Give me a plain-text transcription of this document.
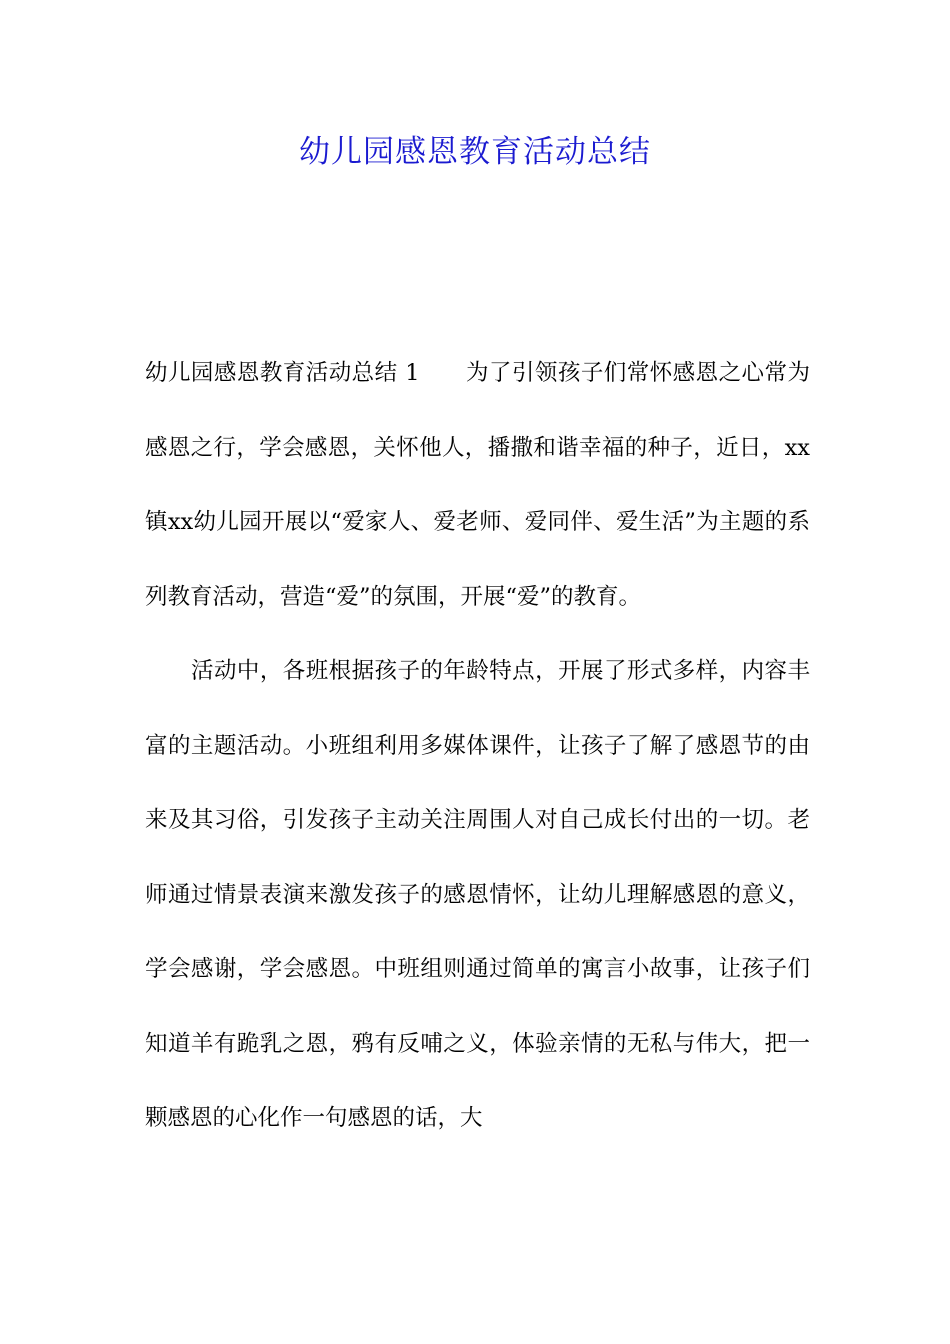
幼儿园感恩教育活动总结

幼儿园感恩教育活动总结 1 为了引领孩子们常怀感恩之心常为感恩之行，学会感恩，关怀他人，播撒和谐幸福的种子，近日，xx镇xx幼儿园开展以“爱家人、爱老师、爱同伴、爱生活”为主题的系列教育活动，营造“爱”的氛围，开展“爱”的教育。

活动中，各班根据孩子的年龄特点，开展了形式多样，内容丰富的主题活动。小班组利用多媒体课件，让孩子了解了感恩节的由来及其习俗，引发孩子主动关注周围人对自己成长付出的一切。老师通过情景表演来激发孩子的感恩情怀，让幼儿理解感恩的意义，学会感谢，学会感恩。中班组则通过简单的寓言小故事，让孩子们知道羊有跪乳之恩，鸦有反哺之义，体验亲情的无私与伟大，把一颗感恩的心化作一句感恩的话，大
